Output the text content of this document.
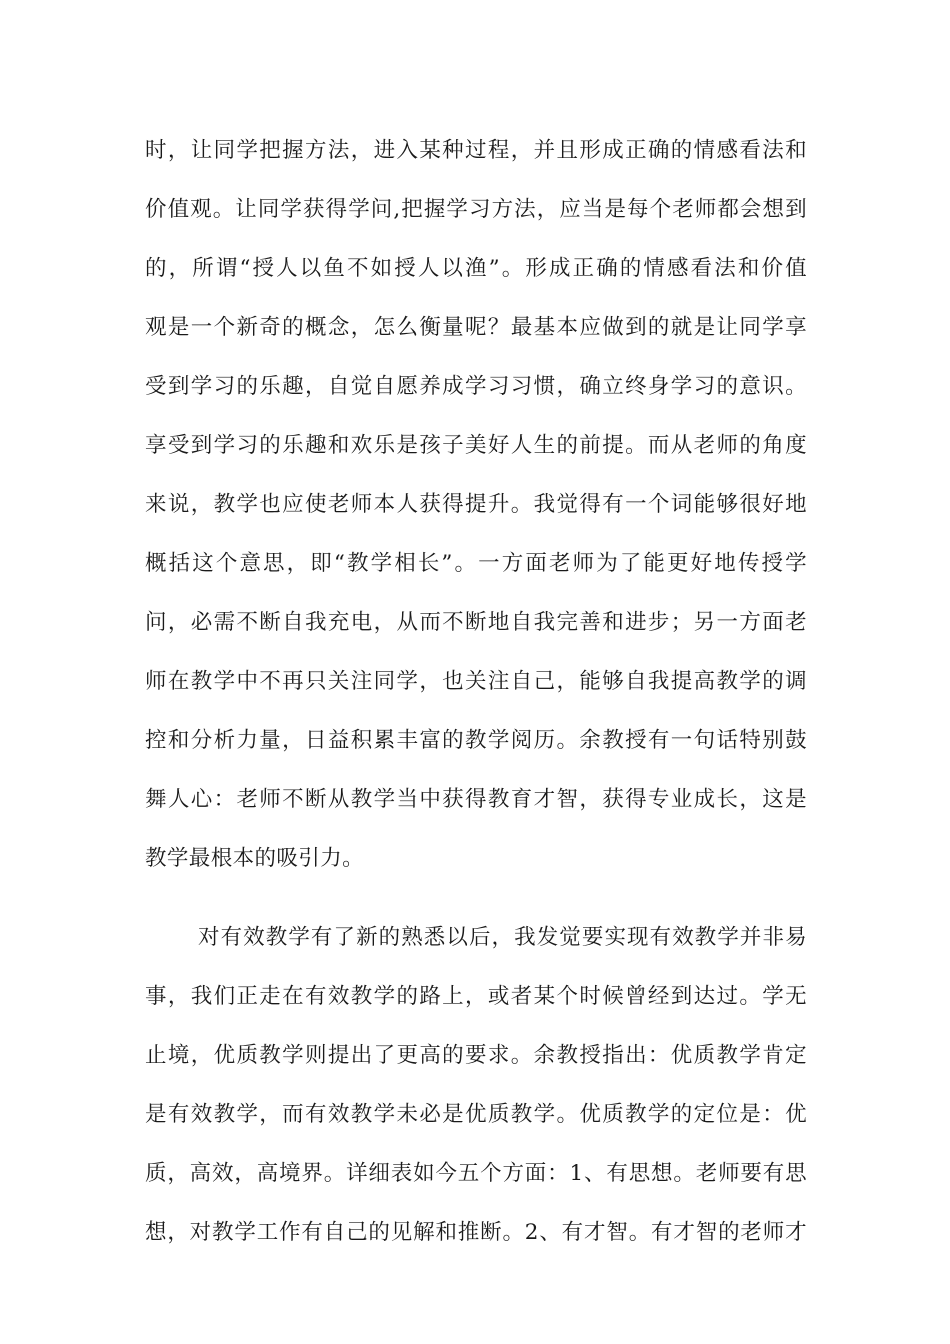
时，让同学把握方法，进入某种过程，并且形成正确的情感看法和
价值观。让同学获得学问,把握学习方法，应当是每个老师都会想到
的，所谓“授人以鱼不如授人以渔”。形成正确的情感看法和价值
观是一个新奇的概念，怎么衡量呢？最基本应做到的就是让同学享
受到学习的乐趣，自觉自愿养成学习习惯，确立终身学习的意识。
享受到学习的乐趣和欢乐是孩子美好人生的前提。而从老师的角度
来说，教学也应使老师本人获得提升。我觉得有一个词能够很好地
概括这个意思，即“教学相长”。一方面老师为了能更好地传授学
问，必需不断自我充电，从而不断地自我完善和进步；另一方面老
师在教学中不再只关注同学，也关注自己，能够自我提高教学的调
控和分析力量，日益积累丰富的教学阅历。余教授有一句话特别鼓
舞人心：老师不断从教学当中获得教育才智，获得专业成长，这是
教学最根本的吸引力。
对有效教学有了新的熟悉以后，我发觉要实现有效教学并非易
事，我们正走在有效教学的路上，或者某个时候曾经到达过。学无
止境，优质教学则提出了更高的要求。余教授指出：优质教学肯定
是有效教学，而有效教学未必是优质教学。优质教学的定位是：优
质，高效，高境界。详细表如今五个方面：1、有思想。老师要有思
想，对教学工作有自己的见解和推断。2、有才智。有才智的老师才
